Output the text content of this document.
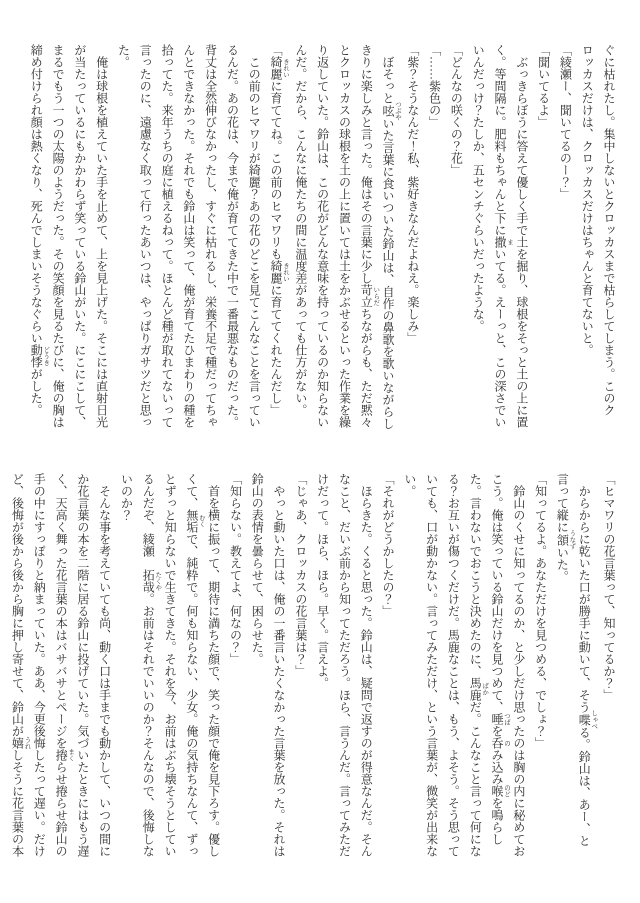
ぐに枯れたし。集中しないとクロッカスまで枯らしてしまう。このクロッカスだけは、クロッカスだけはちゃんと育てないと。

「綾瀬ー、聞いてるのー？」

「聞いてるよ」

ぶっきらぼうに答えて優しく手で土を掘り、球根をそっと土の上に置く。等間隔に。肥料もちゃんと下に撒 まいてる。えーっと、この深さでいいんだっけ？たしか、五センチぐらいだったような。

「どんなの咲くの？花」

「……紫色の」

「紫？そうなんだ！私、紫好きなんだよねえ。楽しみ」

ぼそっと呟 つぶやいた言葉に食いついた鈴山は、自作の鼻歌を歌いながらしきりに楽しみと言った。俺はその言葉に少し苛立 いらだちながらも、ただ黙々とクロッカスの球根を土の上に置いては土をかぶせるといった作業を繰り返していた。鈴山は、この花がどんな意味を持っているのか知らないんだ。だから、こんなに俺たちの間に温度差があっても仕方がない。

「綺麗 きれいに育ててね。この前のヒマワリも綺麗 きれいに育ててくれたんだし」

この前のヒマワリが綺麗？あの花のどこを見てこんなことを言っているんだ。あの花は、今まで俺が育ててきた中で一番最悪なものだった。背丈は全然伸びなかったし、すぐに枯れるし、栄養不足で種だってちゃんとできなかった。それでも鈴山は笑って、俺が育てたひまわりの種を拾ってた。来年うちの庭に植えるねって。ほとんど種が取れてないって言ったのに、遠慮なく取って行ったあいつは、やっぱりガサツだと思った。

俺は球根を植えていた手を止めて、上を見上げた。そこには直射日光が当たっているにもかかわらず笑っている鈴山がいた。にこにこして、まるでもう一つの太陽のようだった。その笑顔を見るたびに、俺の胸は締め付けられ顔は熱くなり、死んでしまいそうなぐらい動悸 どうきがした。

「ヒマワリの花言葉って、知ってるか？」

からからに乾いた口が勝手に動いて、そう喋 しゃべる。鈴山は、あー、と言って縦に頷 うなずいた。

「知ってるよ。あなただけを見つめる、でしょ？」

鈴山のくせに知ってるのか、と少しだけ思ったのは胸の内に秘めておこう。俺は笑っている鈴山だけを見つめて、唾 つばを呑 のみ込み喉 のどを鳴らした。言わないでおこうと決めたのに、馬鹿 ばかだ。こんなこと言って何になる？お互いが傷つくだけだ。馬鹿なことは、もう、よそう。そう思っていても、口が動かない。言ってみただけ、という言葉が、微笑が出来ない。

「それがどうかしたの？」

ほらきた。くると思った。鈴山は、疑問で返すのが得意なんだ。そんなこと、だいぶ前から知ってただろう。ほら、言うんだ。言ってみただけだって。ほら、ほら。早く。言えよ。

「じゃあ、クロッカスの花言葉は？」

やっと動いた口は、俺の一番言いたくなかった言葉を放った。それは鈴山の表情を曇らせて、困らせた。

「知らない。教えてよ、何なの？」

首を横に振って、期待に満ちた顔で、笑った顔で俺を見下ろす。優しくて、無垢 むくで、純粋で。何も知らない、少女。俺の気持ちなんて、ずっとずっと知らないで生きてきた。それを今、お前はぶち壊そうとしているんだぞ、綾瀬　拓哉 たくや。お前はそれでいいのか？そんなので、後悔しないのか？

そんな事を考えていても尚、動く口は手までも動かして、いつの間にか花言葉の本を二階に居る鈴山に投げていた。気づいたときにはもう遅く、天高く舞った花言葉の本はバサバサとページを捲 まくらせ捲らせ鈴山の手の中にすっぽりと納まっていた。ああ、今更後悔したって遅い。だけど、後悔が後から後から胸に押し寄せて、鈴山が嬉 うれしそうに花言葉の本
